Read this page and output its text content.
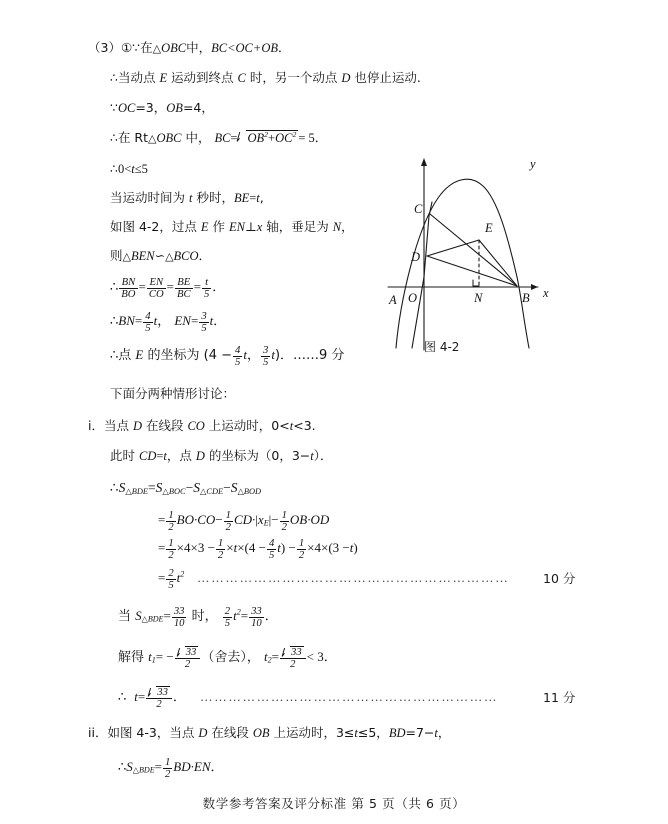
（3）①∵在△OBC中，BC<OC+OB．
∴当动点 E 运动到终点 C 时，另一个动点 D 也停止运动.
∵OC=3，OB=4，
∴在 Rt△OBC 中， $BC= OB^2+OC^2 = 5$．
∴0<t≤5
当运动时间为 t 秒时，BE=t,
如图 4-2，过点 E 作 EN⊥x 轴，垂足为 N，
则△BEN∽△BCO．
∴ $\frac{BN}{BO} = \frac{EN}{CO} = \frac{BE}{BC} = \frac{t}{5}$ ．
∴BN= $\frac{4}{5}$ t， $EN= \frac{3}{5}$ t．
∴点 E 的坐标为 ($4 - \frac{4}{5}$ t， $\frac{3}{5} t$)．……9 分
下面分两种情形讨论：
i．当点 D 在线段 CO 上运动时，0<t<3.
此时 CD=t，点 D 的坐标为（0，3−t）．
$\therefore S_{\triangle BDE}=S_{\triangle BOC}-S_{\triangle CDE}-S_{\triangle BOD}$
= $\frac{1}{2} BO\cdot CO- \frac{1}{2} CD\cdot|x_E|- \frac{1}{2} OB\cdot OD$
= $\frac{1}{2} \times 4\times 3 - \frac{1}{2} \times t\times(4 - \frac{4}{5} t) - \frac{1}{2} \times 4\times(3 -t)$
= $\frac{2}{5} t^2$ …………………………………………………………	10 分
当 $S_{\triangle BDE}= \frac{33}{10}$ 时， $\frac{2}{5} t^2= \frac{33}{10}$ ．
解得 $t_1= - \frac{33}{2}$ （舍去）， $t_2= \frac{33}{2} < 3$．
∴ $t= \frac{33}{2}$ ． ………………………………………………………	11 分
ii．如图 4-3，当点 D 在线段 OB 上运动时，3≤t≤5，BD=7−t，
$\therefore S_{\triangle BDE}= \frac{1}{2} BD\cdot EN$．
y
x
C
D
E
N	B
O
A
图 4-2
数学参考答案及评分标准 第 5 页（共 6 页）
